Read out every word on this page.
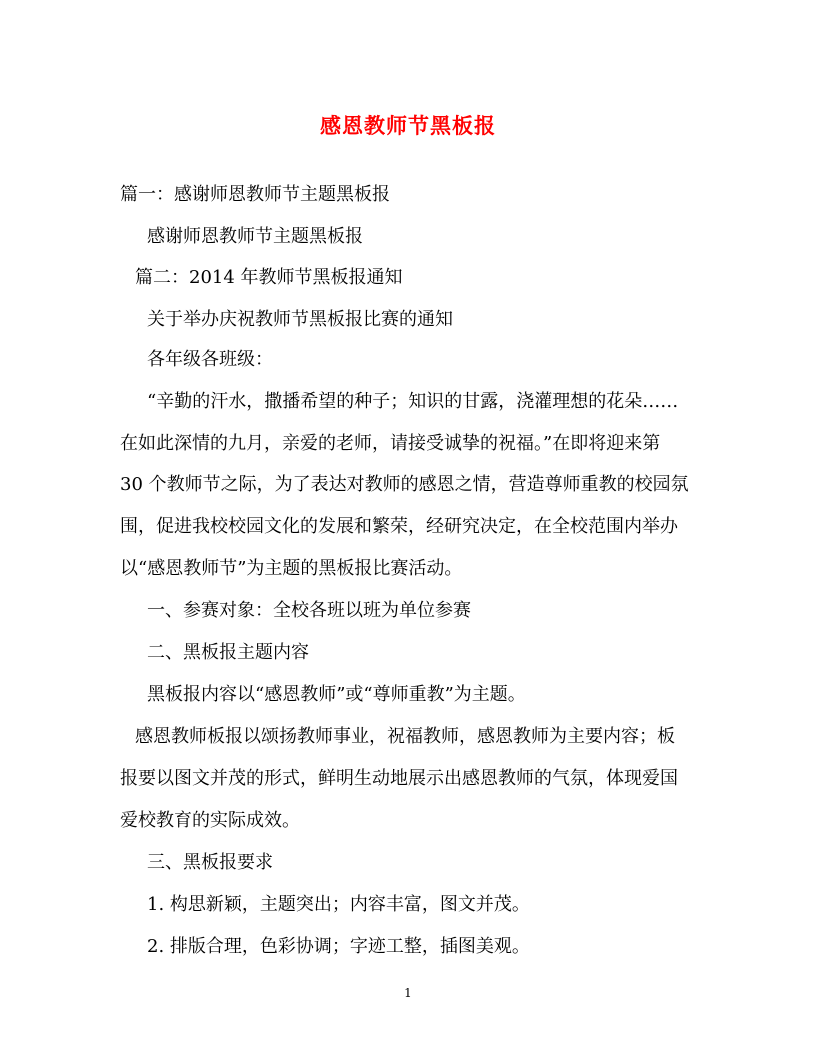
感恩教师节黑板报
篇一：感谢师恩教师节主题黑板报
感谢师恩教师节主题黑板报
篇二：2014 年教师节黑板报通知
关于举办庆祝教师节黑板报比赛的通知
各年级各班级：
“辛勤的汗水，撒播希望的种子；知识的甘露，浇灌理想的花朵……
在如此深情的九月，亲爱的老师，请接受诚挚的祝福。”在即将迎来第
30 个教师节之际，为了表达对教师的感恩之情，营造尊师重教的校园氛
围，促进我校校园文化的发展和繁荣，经研究决定，在全校范围内举办
以“感恩教师节”为主题的黑板报比赛活动。
一、参赛对象：全校各班以班为单位参赛
二、黑板报主题内容
黑板报内容以“感恩教师”或“尊师重教”为主题。
感恩教师板报以颂扬教师事业，祝福教师，感恩教师为主要内容；板
报要以图文并茂的形式，鲜明生动地展示出感恩教师的气氛，体现爱国
爱校教育的实际成效。
三、黑板报要求
1. 构思新颖，主题突出；内容丰富，图文并茂。
2. 排版合理，色彩协调；字迹工整，插图美观。
1
